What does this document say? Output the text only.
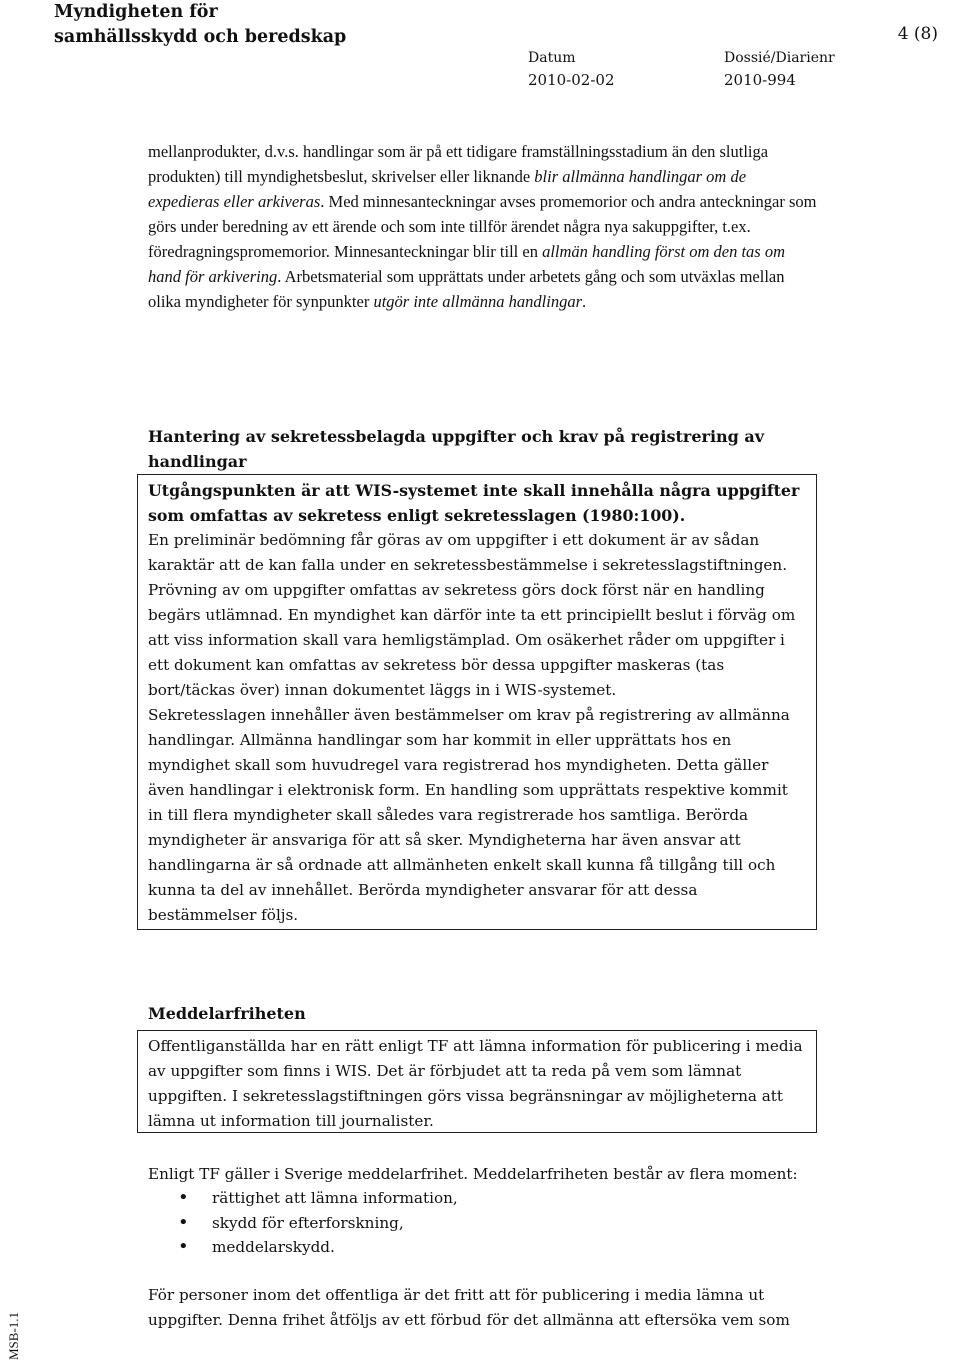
Myndigheten för
samhällsskydd och beredskap	4 (8)
Datum
2010-02-02
Dossié/Diarienr
2010-994

mellanprodukter, d.v.s. handlingar som är på ett tidigare framställningsstadium än den slutliga produkten) till myndighetsbeslut, skrivelser eller liknande blir allmänna handlingar om de expedieras eller arkiveras. Med minnesanteckningar avses promemorior och andra anteckningar som görs under beredning av ett ärende och som inte tillför ärendet några nya sakuppgifter, t.ex. föredragningspromemorior. Minnesanteckningar blir till en allmän handling först om den tas om hand för arkivering. Arbetsmaterial som upprättats under arbetets gång och som utväxlas mellan olika myndigheter för synpunkter utgör inte allmänna handlingar.

Hantering av sekretessbelagda uppgifter och krav på registrering av handlingar

Utgångspunkten är att WIS-systemet inte skall innehålla några uppgifter som omfattas av sekretess enligt sekretesslagen (1980:100).

En preliminär bedömning får göras av om uppgifter i ett dokument är av sådan karaktär att de kan falla under en sekretessbestämmelse i sekretesslagstiftningen. Prövning av om uppgifter omfattas av sekretess görs dock först när en handling begärs utlämnad. En myndighet kan därför inte ta ett principiellt beslut i förväg om att viss information skall vara hemligstämplad. Om osäkerhet råder om uppgifter i ett dokument kan omfattas av sekretess bör dessa uppgifter maskeras (tas bort/täckas över) innan dokumentet läggs in i WIS-systemet.

Sekretesslagen innehåller även bestämmelser om krav på registrering av allmänna handlingar. Allmänna handlingar som har kommit in eller upprättats hos en myndighet skall som huvudregel vara registrerad hos myndigheten. Detta gäller även handlingar i elektronisk form. En handling som upprättats respektive kommit in till flera myndigheter skall således vara registrerade hos samtliga. Berörda myndigheter är ansvariga för att så sker. Myndigheterna har även ansvar att handlingarna är så ordnade att allmänheten enkelt skall kunna få tillgång till och kunna ta del av innehållet. Berörda myndigheter ansvarar för att dessa bestämmelser följs.

Meddelarfriheten

Offentliganställda har en rätt enligt TF att lämna information för publicering i media av uppgifter som finns i WIS. Det är förbjudet att ta reda på vem som lämnat uppgiften. I sekretesslagstiftningen görs vissa begränsningar av möjligheterna att lämna ut information till journalister.

Enligt TF gäller i Sverige meddelarfrihet. Meddelarfriheten består av flera moment:

• rättighet att lämna information,
• skydd för efterforskning,
• meddelarskydd.

För personer inom det offentliga är det fritt att för publicering i media lämna ut uppgifter. Denna frihet åtföljs av ett förbud för det allmänna att eftersöka vem som

MSB-1.1
